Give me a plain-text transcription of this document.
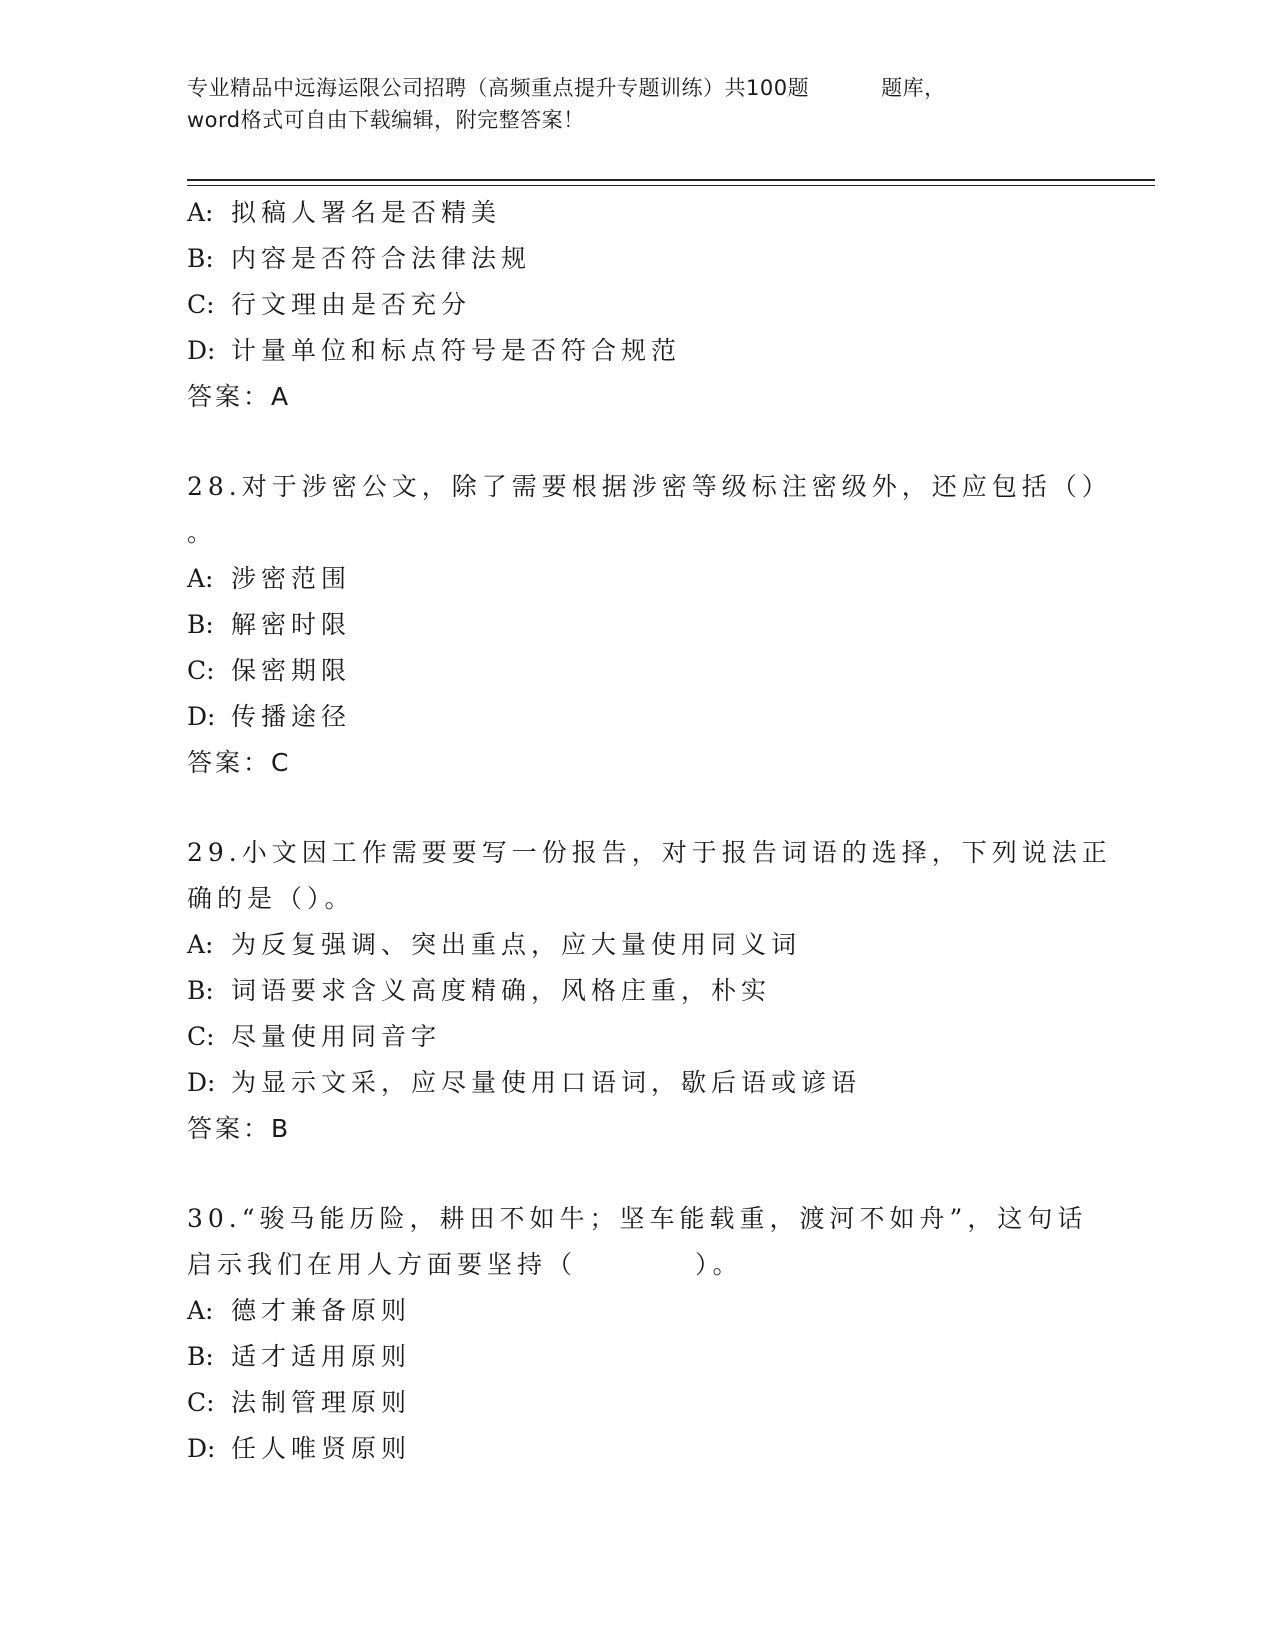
专业精品中远海运限公司招聘（高频重点提升专题训练）共100题	题库，
word格式可自由下载编辑，附完整答案！
A: 拟稿人署名是否精美
B: 内容是否符合法律法规
C: 行文理由是否充分
D: 计量单位和标点符号是否符合规范
答案：A
28.对于涉密公文，除了需要根据涉密等级标注密级外，还应包括（）
。
A: 涉密范围
B: 解密时限
C: 保密期限
D: 传播途径
答案：C
29.小文因工作需要要写一份报告，对于报告词语的选择，下列说法正
确的是（）。
A: 为反复强调、突出重点，应大量使用同义词
B: 词语要求含义高度精确，风格庄重，朴实
C: 尽量使用同音字
D: 为显示文采，应尽量使用口语词，歇后语或谚语
答案：B
30.“骏马能历险，耕田不如牛；坚车能载重，渡河不如舟”，这句话
启示我们在用人方面要坚持（	）。
A: 德才兼备原则
B: 适才适用原则
C: 法制管理原则
D: 任人唯贤原则
